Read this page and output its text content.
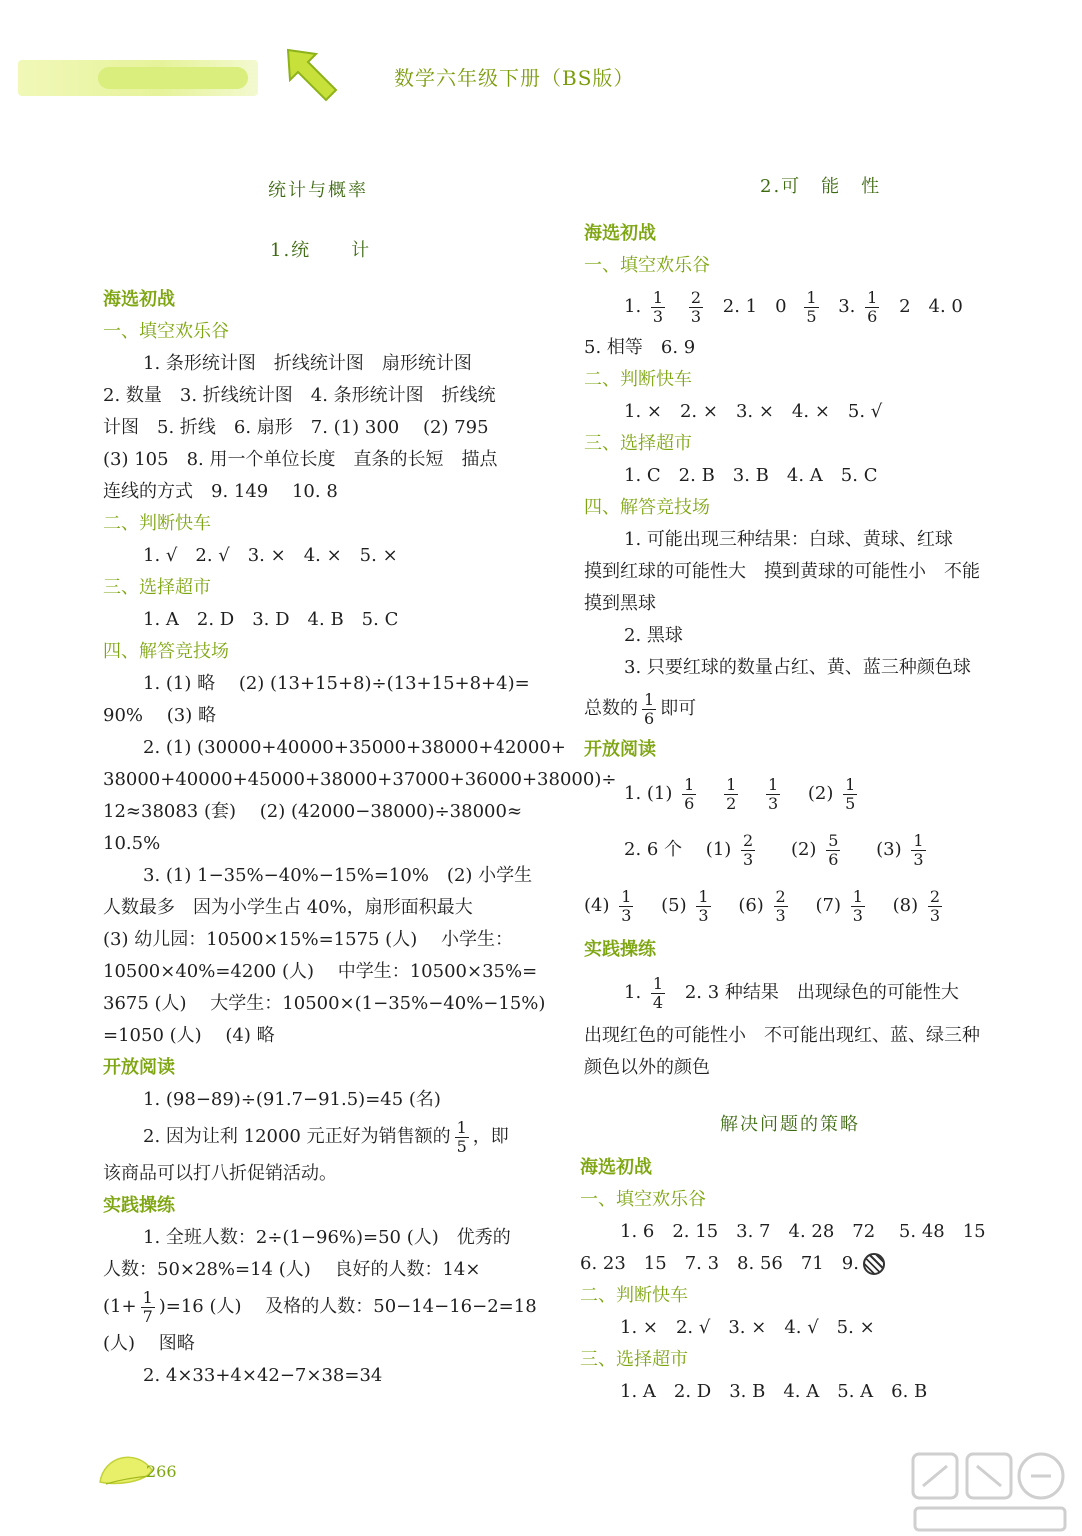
数学六年级下册（BS版）
统计与概率
1.统　　计
海选初战
一、填空欢乐谷
1. 条形统计图　折线统计图　扇形统计图
2. 数量　3. 折线统计图　4. 条形统计图　折线统
计图　5. 折线　6. 扇形　7. (1) 300　 (2) 795
(3) 105　8. 用一个单位长度　直条的长短　描点
连线的方式　9. 149　 10. 8
二、判断快车
1. √　2. √　3. ×　4. ×　5. ×
三、选择超市
1. A　2. D　3. D　4. B　5. C
四、解答竞技场
1. (1) 略　 (2) (13+15+8)÷(13+15+8+4)=
90%　 (3) 略
2. (1) (30000+40000+35000+38000+42000+
38000+40000+45000+38000+37000+36000+38000)÷
12≈38083 (套)　 (2) (42000−38000)÷38000≈
10.5%
3. (1) 1−35%−40%−15%=10%　(2) 小学生
人数最多　因为小学生占 40%，扇形面积最大
(3) 幼儿园：10500×15%=1575 (人)　 小学生：
10500×40%=4200 (人)　 中学生：10500×35%=
3675 (人)　 大学生：10500×(1−35%−40%−15%)
=1050 (人)　 (4) 略
开放阅读
1. (98−89)÷(91.7−91.5)=45 (名)
2. 因为让利 12000 元正好为销售额的 $\frac{1}{5}$ ，即
该商品可以打八折促销活动。
实践操练
1. 全班人数：2÷(1−96%)=50 (人)　优秀的
人数：50×28%=14 (人)　 良好的人数：14×
$(1+ \frac{1}{7} )=16$ (人)　 及格的人数：50−14−16−2=18
(人)　 图略
2. 4×33+4×42−7×38=34
2.可　能　性
海选初战
一、填空欢乐谷
1. $\frac{1}{3}$
$\frac{2}{3} 2$. 1　$0 \frac{1}{5} 3$. $\frac{1}{6} 2$　4. 0
5. 相等　6. 9
二、判断快车
1. ×　2. ×　3. ×　4. ×　5. √
三、选择超市
1. C　2. B　3. B　4. A　5. C
四、解答竞技场
1. 可能出现三种结果：白球、黄球、红球
摸到红球的可能性大　摸到黄球的可能性小　不能
摸到黑球
2. 黑球
3. 只要红球的数量占红、黄、蓝三种颜色球
总数的 $\frac{1}{6}$ 即可
开放阅读
1. $(1) \frac{1}{6}$
$\frac{1}{2}$
$\frac{1}{3} (2) \frac{1}{5}$
2. 6 个　 $(1) \frac{2}{3} (2) \frac{5}{6} (3) \frac{1}{3}$
$(4) \frac{1}{3} (5) \frac{1}{3} (6) \frac{2}{3} (7) \frac{1}{3} (8) \frac{2}{3}$
实践操练
1. $\frac{1}{4} 2$. 3 种结果　出现绿色的可能性大
出现红色的可能性小　不可能出现红、蓝、绿三种
颜色以外的颜色
解决问题的策略
海选初战
一、填空欢乐谷
1. 6　2. 15　3. 7　4. 28　72　 5. 48　15
6. 23　15　7. 3　8. 56　71　9.
二、判断快车
1. ×　2. √　3. ×　4. √　5. ×
三、选择超市
1. A　2. D　3. B　4. A　5. A　6. B
266
